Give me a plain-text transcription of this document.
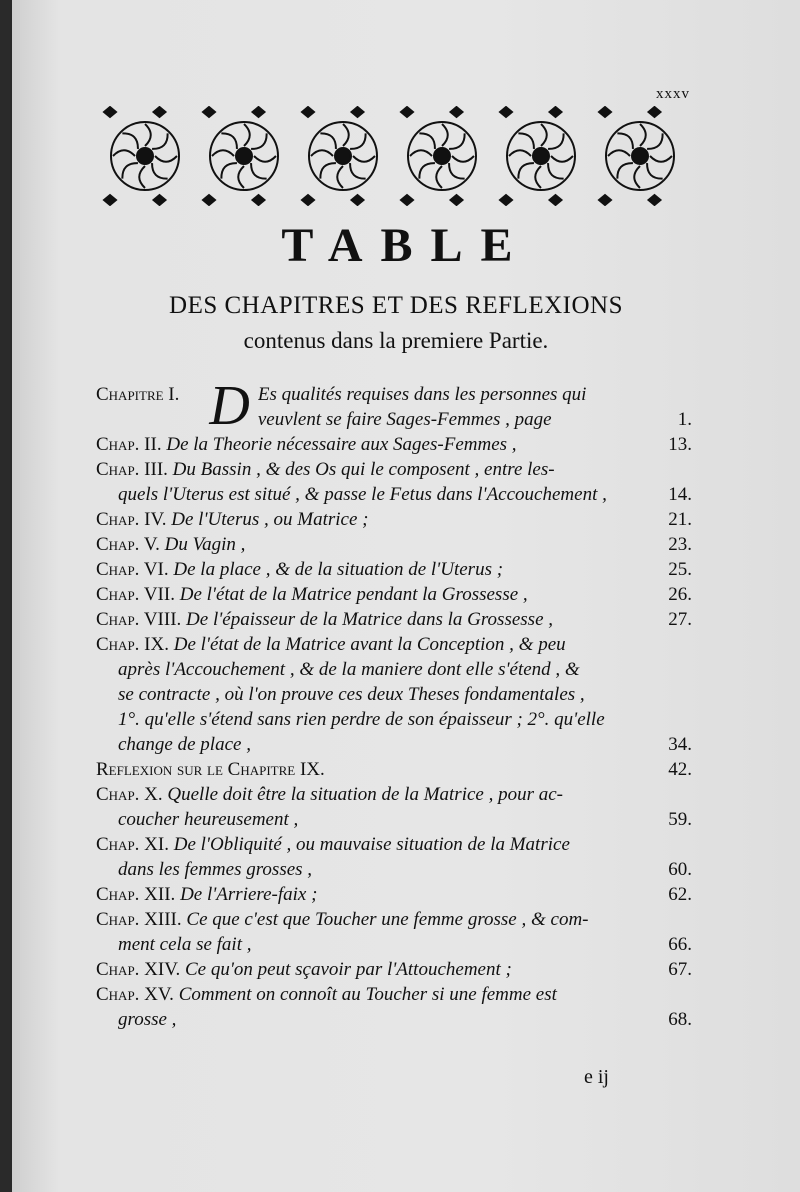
xxxv
TABLE
DES CHAPITRES ET DES REFLEXIONS
contenus dans la premiere Partie.
Chapitre I. D Es qualités requises dans les personnes qui
veuvlent se faire Sages-Femmes , page	1.
Chap. II. De la Theorie nécessaire aux Sages-Femmes ,	13.
Chap. III. Du Bassin , & des Os qui le composent , entre les-
quels l'Uterus est situé , & passe le Fetus dans l'Accouchement ,	14.
Chap. IV. De l'Uterus , ou Matrice ;	21.
Chap. V. Du Vagin ,	23.
Chap. VI. De la place , & de la situation de l'Uterus ;	25.
Chap. VII. De l'état de la Matrice pendant la Grossesse ,	26.
Chap. VIII. De l'épaisseur de la Matrice dans la Grossesse ,	27.
Chap. IX. De l'état de la Matrice avant la Conception , & peu
après l'Accouchement , & de la maniere dont elle s'étend , &
se contracte , où l'on prouve ces deux Theses fondamentales ,
1°. qu'elle s'étend sans rien perdre de son épaisseur ; 2°. qu'elle
change de place ,	34.
Reflexion sur le Chapitre IX.	42.
Chap. X. Quelle doit être la situation de la Matrice , pour ac-
coucher heureusement ,	59.
Chap. XI. De l'Obliquité , ou mauvaise situation de la Matrice
dans les femmes grosses ,	60.
Chap. XII. De l'Arriere-faix ;	62.
Chap. XIII. Ce que c'est que Toucher une femme grosse , & com-
ment cela se fait ,	66.
Chap. XIV. Ce qu'on peut sçavoir par l'Attouchement ;	67.
Chap. XV. Comment on connoît au Toucher si une femme est
grosse ,	68.
e ij
